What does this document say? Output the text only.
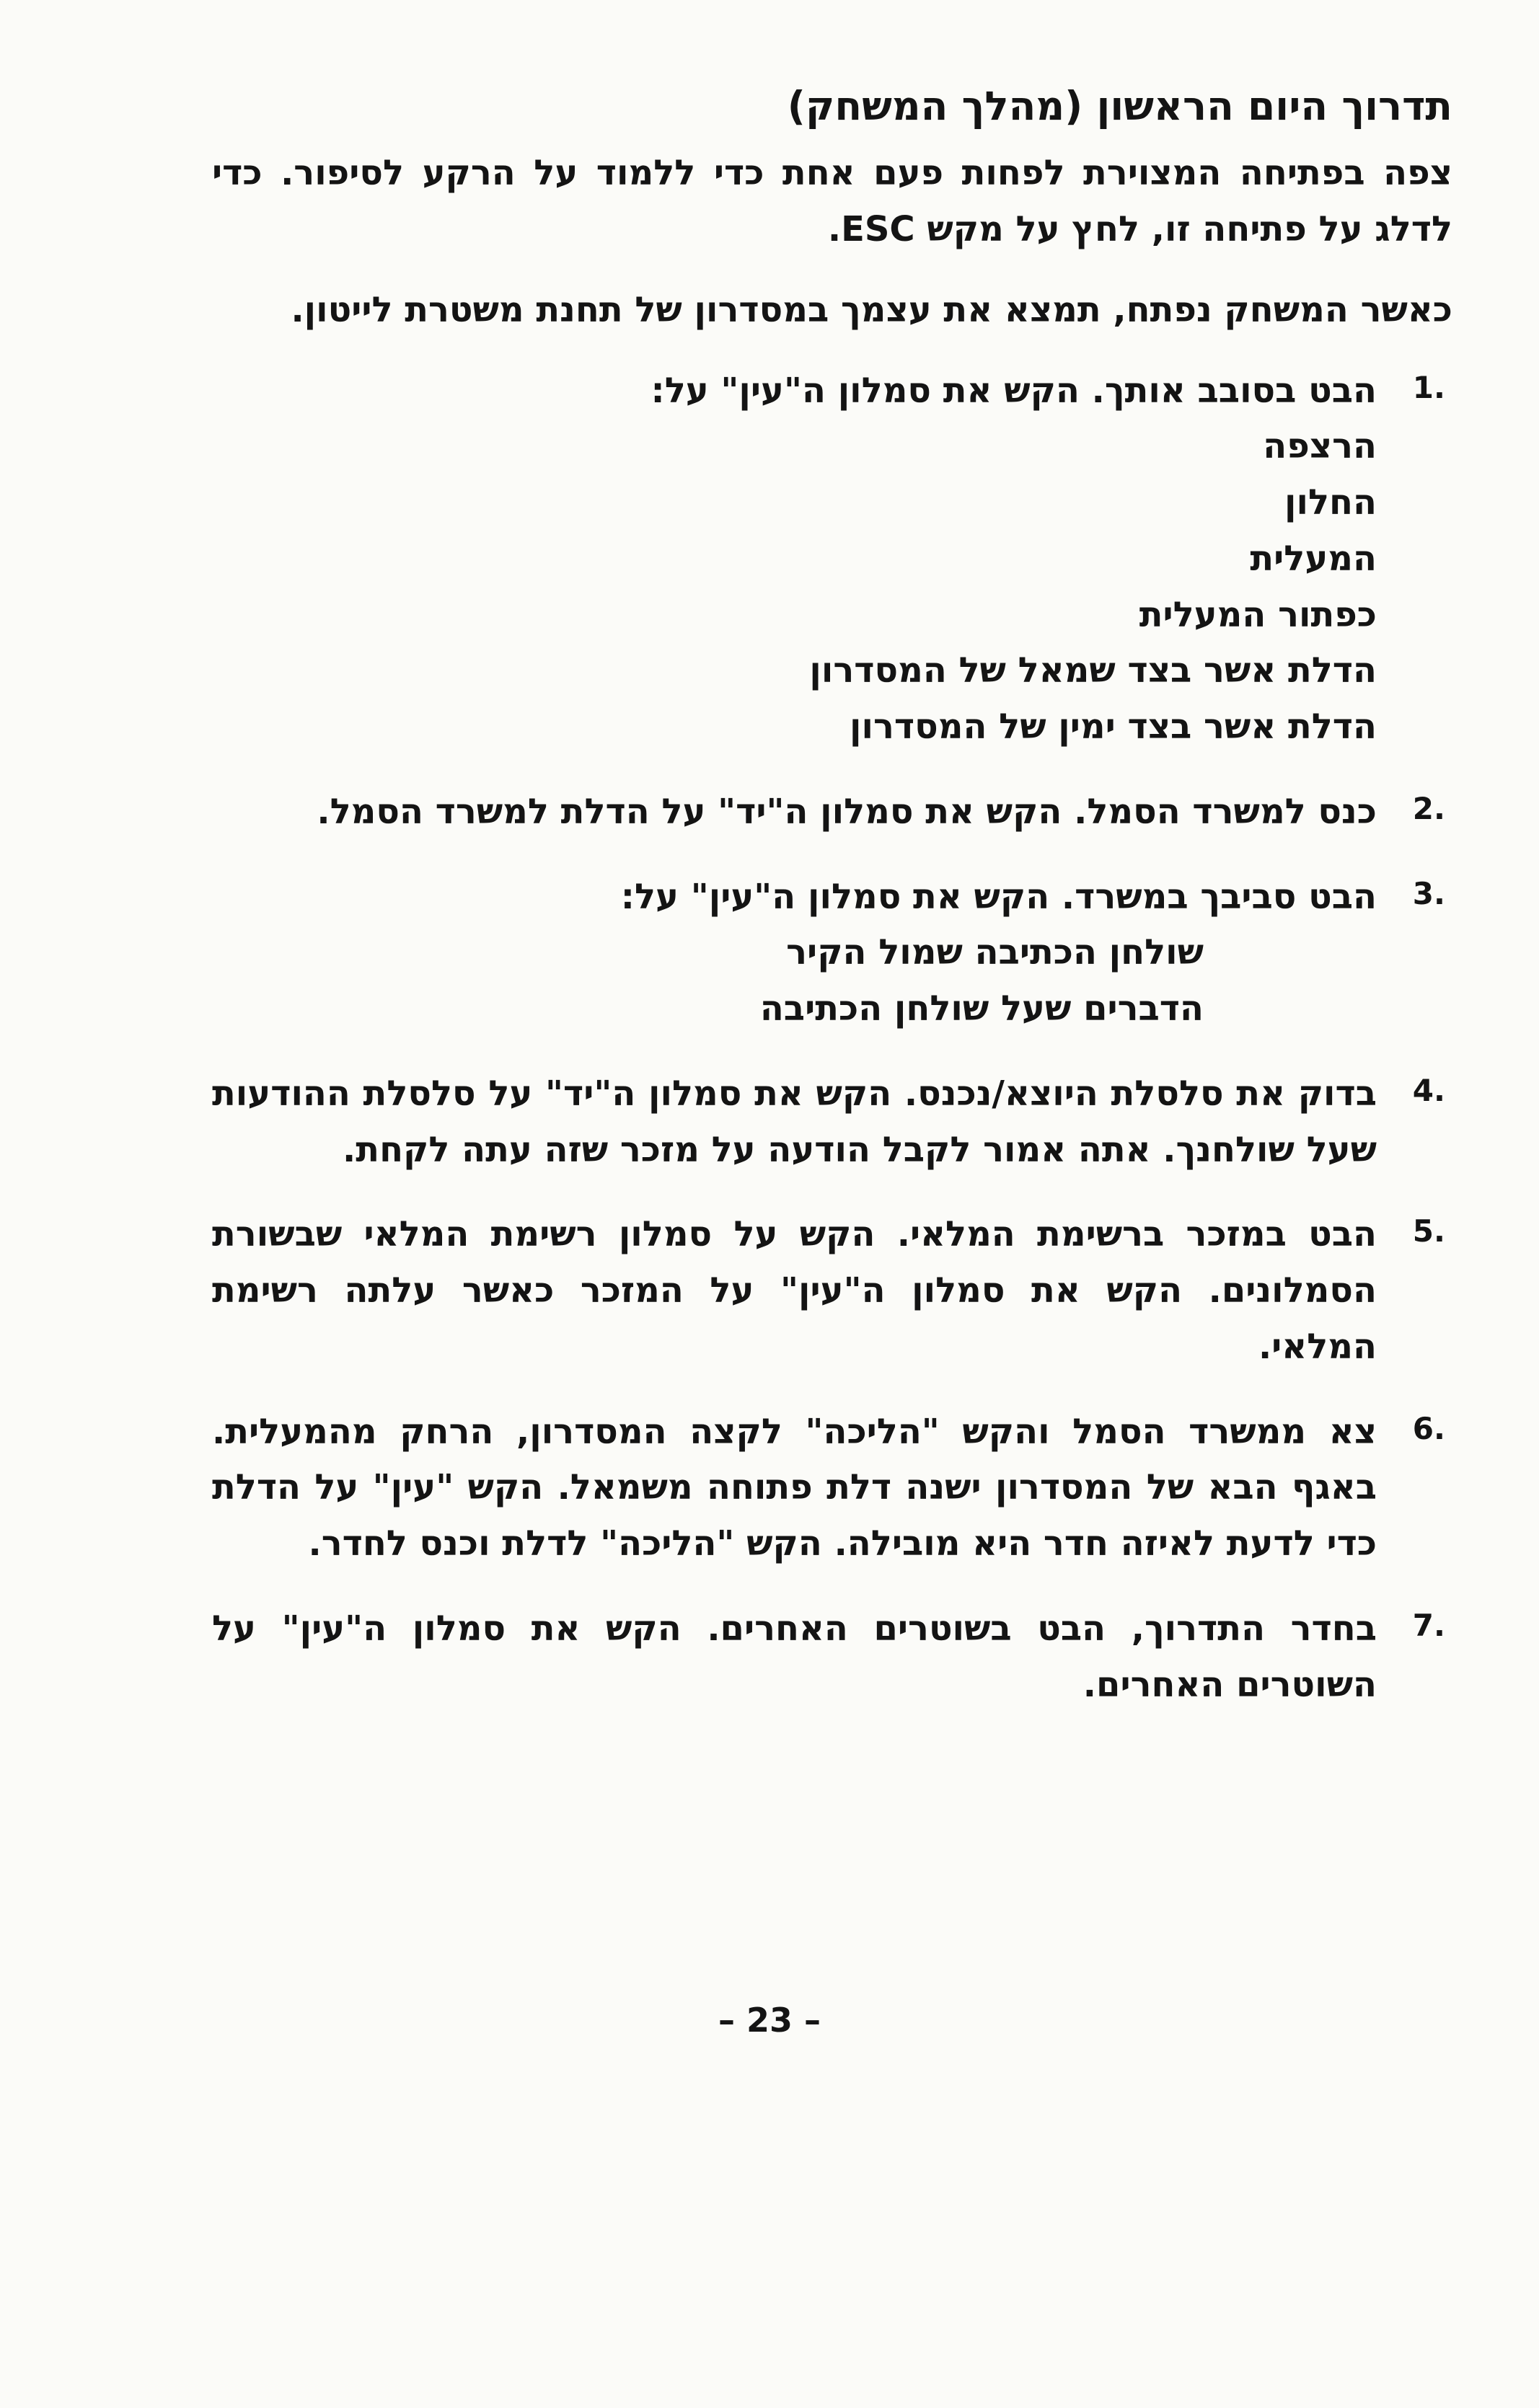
תדרוך היום הראשון (מהלך המשחק)

צפה בפתיחה המצוירת לפחות פעם אחת כדי ללמוד על הרקע לסיפור. כדי לדלג על פתיחה זו, לחץ על מקש ESC.

כאשר המשחק נפתח, תמצא את עצמך במסדרון של תחנת משטרת לייטון.

.1
הבט בסובב אותך. הקש את סמלון ה"עין" על:
הרצפה
החלון
המעלית
כפתור המעלית
הדלת אשר בצד שמאל של המסדרון
הדלת אשר בצד ימין של המסדרון
.2
כנס למשרד הסמל. הקש את סמלון ה"יד" על הדלת למשרד הסמל.
.3
הבט סביבך במשרד. הקש את סמלון ה"עין" על:
שולחן הכתיבה שמול הקיר
הדברים שעל שולחן הכתיבה
.4
בדוק את סלסלת היוצא/נכנס. הקש את סמלון ה"יד" על סלסלת ההודעות שעל שולחנך. אתה אמור לקבל הודעה על מזכר שזה עתה לקחת.
.5
הבט במזכר ברשימת המלאי. הקש על סמלון רשימת המלאי שבשורת הסמלונים. הקש את סמלון ה"עין" על המזכר כאשר עלתה רשימת המלאי.
.6
צא ממשרד הסמל והקש "הליכה" לקצה המסדרון, הרחק מהמעלית. באגף הבא של המסדרון ישנה דלת פתוחה משמאל. הקש "עין" על הדלת כדי לדעת לאיזה חדר היא מובילה. הקש "הליכה" לדלת וכנס לחדר.
.7
בחדר התדרוך, הבט בשוטרים האחרים. הקש את סמלון ה"עין" על השוטרים האחרים.
– 23 –
